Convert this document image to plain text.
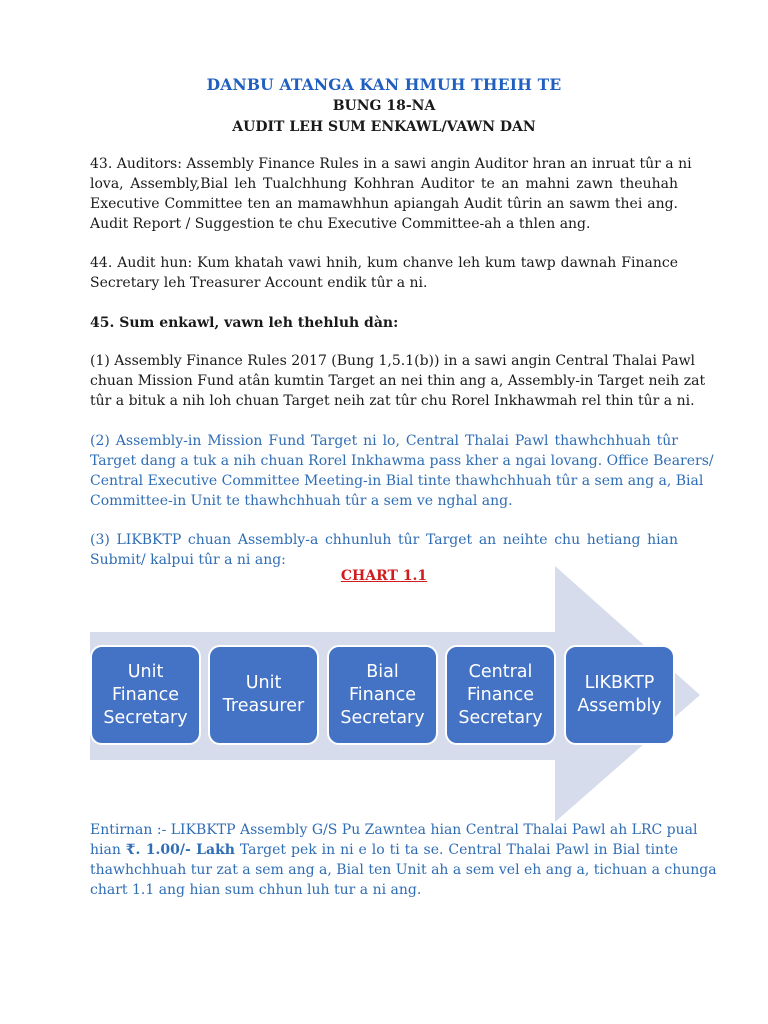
DANBU ATANGA KAN HMUH THEIH TE

BUNG 18-NA

AUDIT LEH SUM ENKAWL/VAWN DAN

43. Auditors: Assembly Finance Rules in a sawi angin Auditor hran an inruat tûr a ni
lova, Assembly,Bial leh Tualchhung Kohhran Auditor te an mahni zawn theuhah
Executive Committee ten an mamawhhun apiangah Audit tûrin an sawm thei ang.
Audit Report / Suggestion te chu Executive Committee-ah a thlen ang.

44. Audit hun: Kum khatah vawi hnih, kum chanve leh kum tawp dawnah Finance
Secretary leh Treasurer Account endik tûr a ni.

45. Sum enkawl, vawn leh thehluh dàn:

(1) Assembly Finance Rules 2017 (Bung 1,5.1(b)) in a sawi angin Central Thalai Pawl
chuan Mission Fund atân kumtin Target an nei thin ang a, Assembly-in Target neih zat
tûr a bituk a nih loh chuan Target neih zat tûr chu Rorel Inkhawmah rel thin tûr a ni.

(2) Assembly-in Mission Fund Target ni lo, Central Thalai Pawl thawhchhuah tûr
Target dang a tuk a nih chuan Rorel Inkhawma pass kher a ngai lovang. Office Bearers/
Central Executive Committee Meeting-in Bial tinte thawhchhuah tûr a sem ang a, Bial
Committee-in Unit te thawhchhuah tûr a sem ve nghal ang.

(3) LIKBKTP chuan Assembly-a chhunluh tûr Target an neihte chu hetiang hian
Submit/ kalpui tûr a ni ang:

CHART 1.1

Unit
Finance
Secretary
Unit
Treasurer
Bial
Finance
Secretary
Central
Finance
Secretary
LIKBKTP
Assembly

Entirnan :- LIKBKTP Assembly G/S Pu Zawntea hian Central Thalai Pawl ah LRC pual
hian ₹. 1.00/- Lakh Target pek in ni e lo ti ta se. Central Thalai Pawl in Bial tinte
thawhchhuah tur zat a sem ang a, Bial ten Unit ah a sem vel eh ang a, tichuan a chunga
chart 1.1 ang hian sum chhun luh tur a ni ang.
